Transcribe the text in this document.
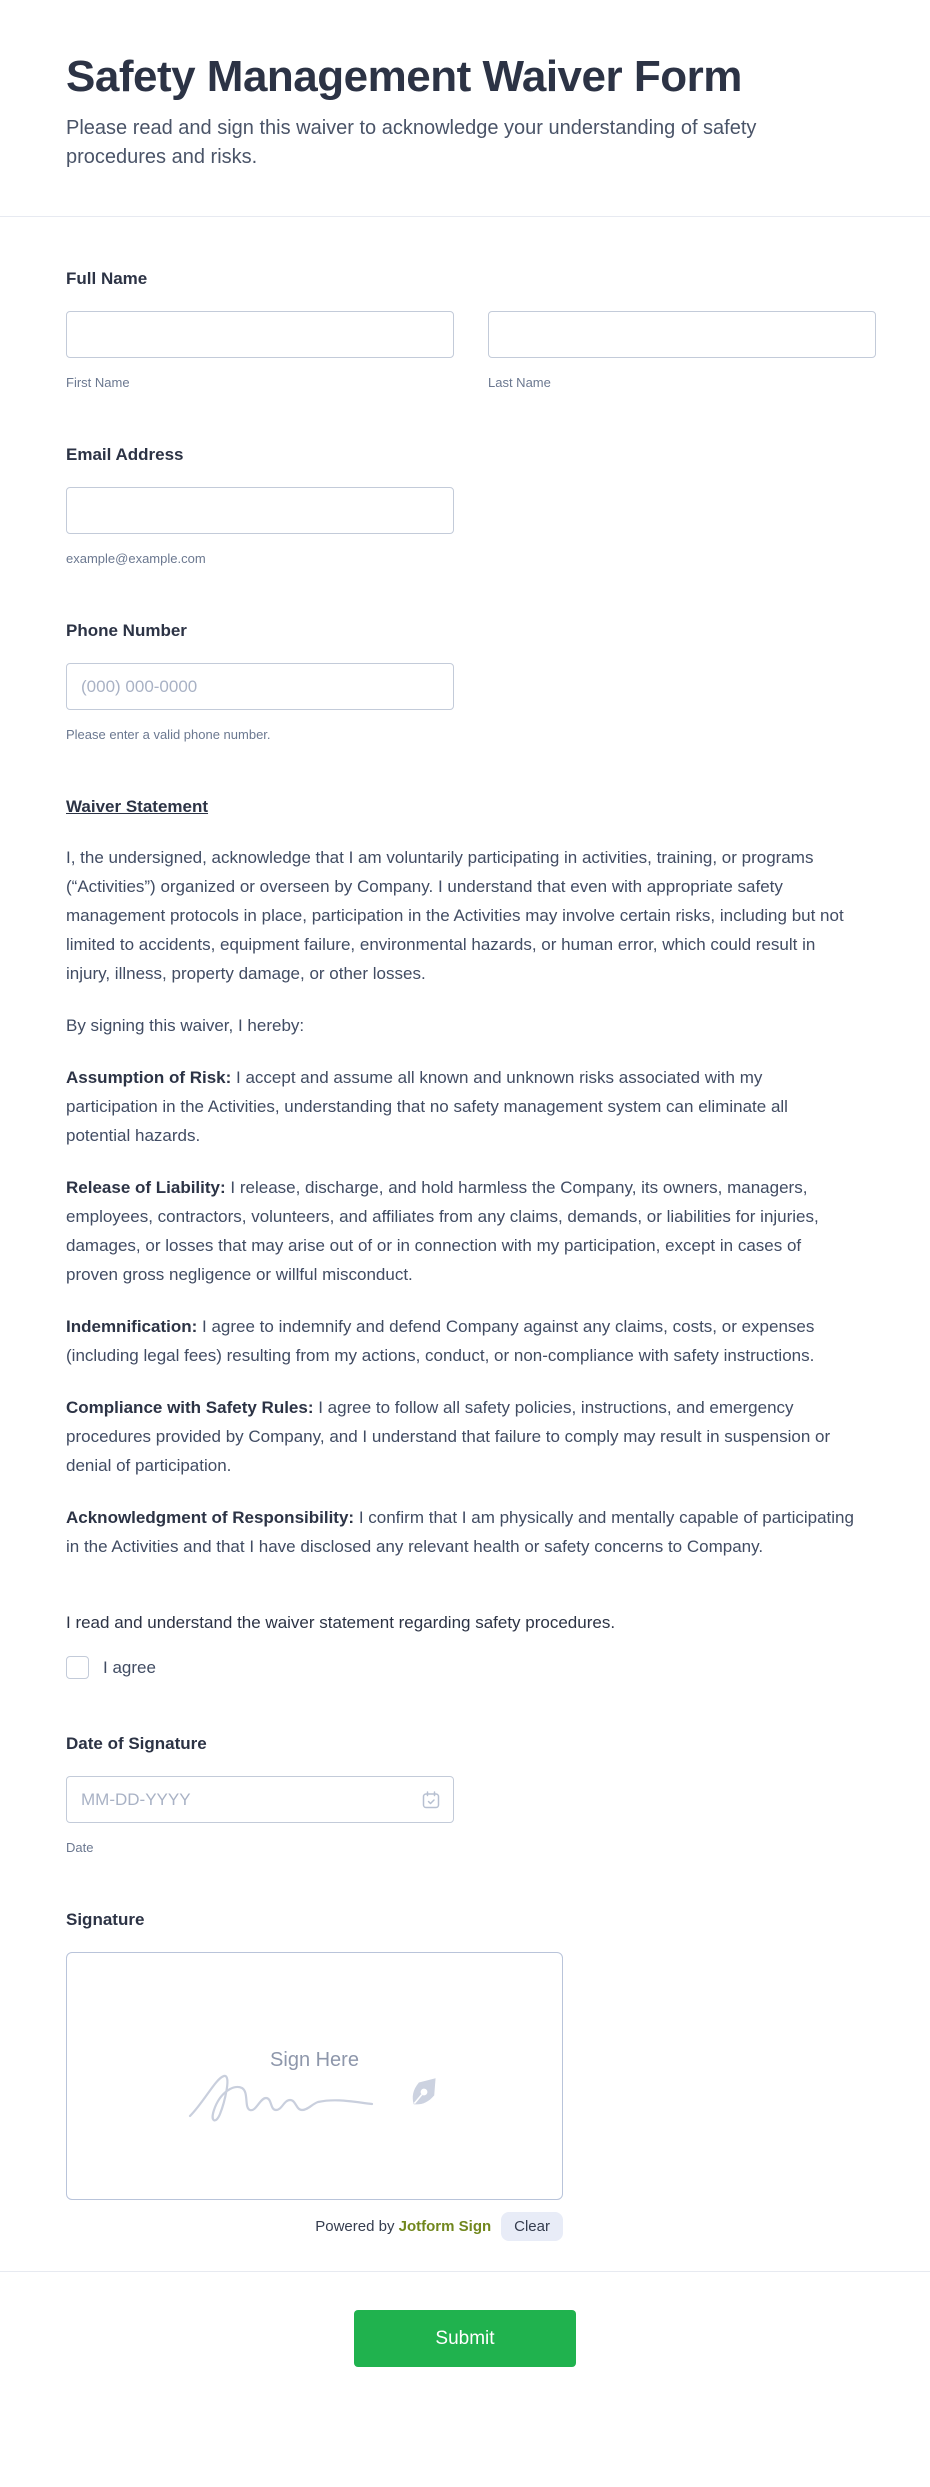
Safety Management Waiver Form
Please read and sign this waiver to acknowledge your understanding of safety procedures and risks.
Full Name
First Name	Last Name
Email Address
example@example.com
Phone Number
(000) 000-0000
Please enter a valid phone number.
Waiver Statement

I, the undersigned, acknowledge that I am voluntarily participating in activities, training, or programs (“Activities”) organized or overseen by Company. I understand that even with appropriate safety management protocols in place, participation in the Activities may involve certain risks, including but not limited to accidents, equipment failure, environmental hazards, or human error, which could result in injury, illness, property damage, or other losses.

By signing this waiver, I hereby:

Assumption of Risk: I accept and assume all known and unknown risks associated with my participation in the Activities, understanding that no safety management system can eliminate all potential hazards.

Release of Liability: I release, discharge, and hold harmless the Company, its owners, managers, employees, contractors, volunteers, and affiliates from any claims, demands, or liabilities for injuries, damages, or losses that may arise out of or in connection with my participation, except in cases of proven gross negligence or willful misconduct.

Indemnification: I agree to indemnify and defend Company against any claims, costs, or expenses (including legal fees) resulting from my actions, conduct, or non-compliance with safety instructions.

Compliance with Safety Rules: I agree to follow all safety policies, instructions, and emergency procedures provided by Company, and I understand that failure to comply may result in suspension or denial of participation.

Acknowledgment of Responsibility: I confirm that I am physically and mentally capable of participating in the Activities and that I have disclosed any relevant health or safety concerns to Company.

I read and understand the waiver statement regarding safety procedures.
I agree
Date of Signature
MM-DD-YYYY
Date
Signature
Sign Here
Powered by Jotform Sign	Clear
Submit
